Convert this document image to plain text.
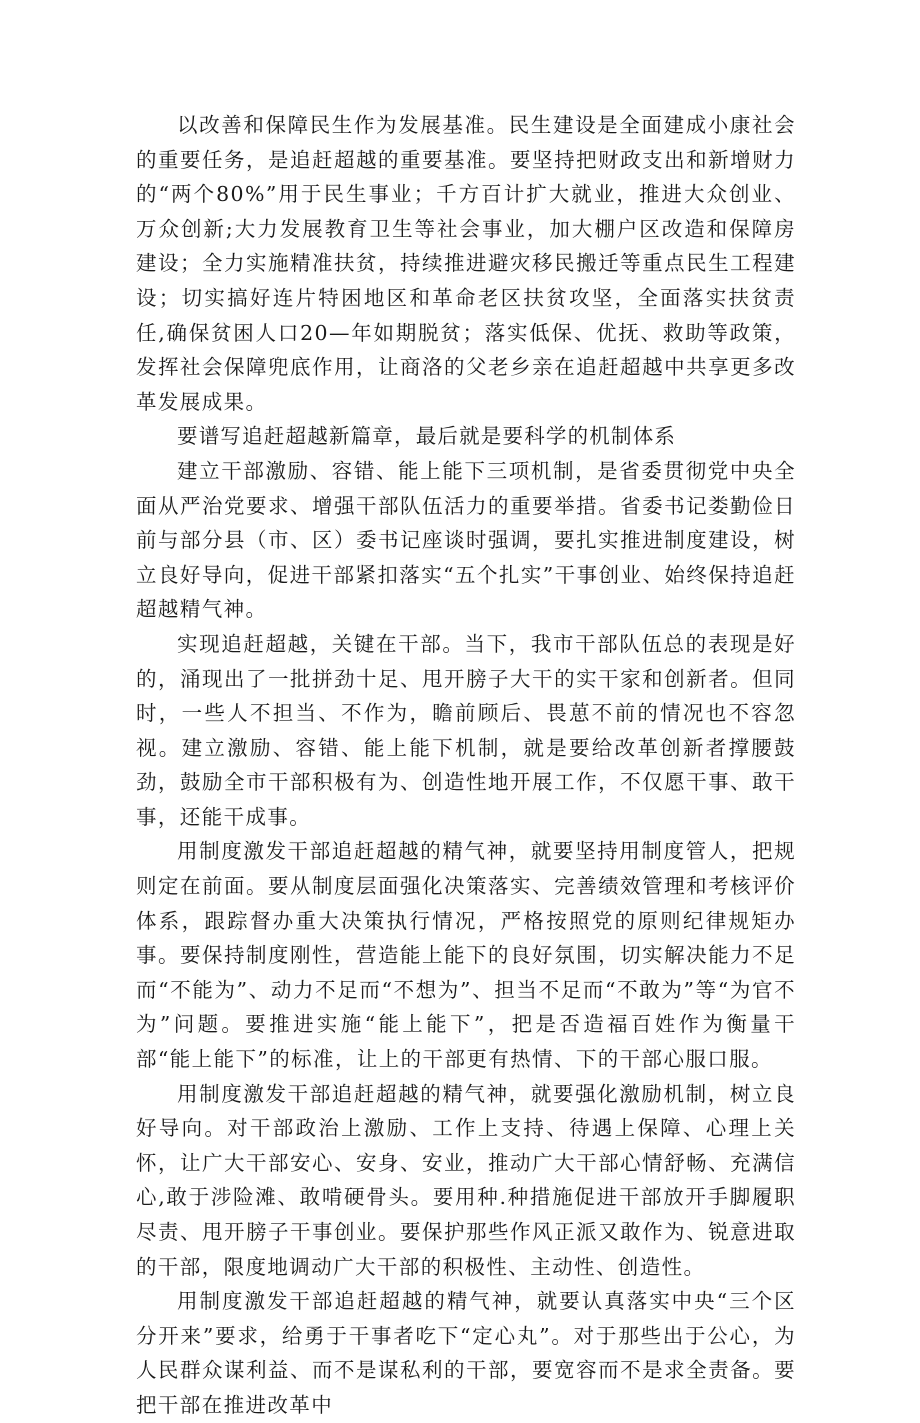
以改善和保障民生作为发展基准。民生建设是全面建成小康社会的重要任务，是追赶超越的重要基准。要坚持把财政支出和新增财力的“两个80%”用于民生事业；千方百计扩大就业，推进大众创业、万众创新;大力发展教育卫生等社会事业，加大棚户区改造和保障房建设；全力实施精准扶贫，持续推进避灾移民搬迁等重点民生工程建设；切实搞好连片特困地区和革命老区扶贫攻坚，全面落实扶贫责任,确保贫困人口20—年如期脱贫；落实低保、优抚、救助等政策，发挥社会保障兜底作用，让商洛的父老乡亲在追赶超越中共享更多改革发展成果。

要谱写追赶超越新篇章，最后就是要科学的机制体系

建立干部激励、容错、能上能下三项机制，是省委贯彻党中央全面从严治党要求、增强干部队伍活力的重要举措。省委书记娄勤俭日前与部分县（市、区）委书记座谈时强调，要扎实推进制度建设，树立良好导向，促进干部紧扣落实“五个扎实”干事创业、始终保持追赶超越精气神。

实现追赶超越，关键在干部。当下，我市干部队伍总的表现是好的，涌现出了一批拼劲十足、甩开膀子大干的实干家和创新者。但同时，一些人不担当、不作为，瞻前顾后、畏葸不前的情况也不容忽视。建立激励、容错、能上能下机制，就是要给改革创新者撑腰鼓劲，鼓励全市干部积极有为、创造性地开展工作，不仅愿干事、敢干事，还能干成事。

用制度激发干部追赶超越的精气神，就要坚持用制度管人，把规则定在前面。要从制度层面强化决策落实、完善绩效管理和考核评价体系，跟踪督办重大决策执行情况，严格按照党的原则纪律规矩办事。要保持制度刚性，营造能上能下的良好氛围，切实解决能力不足而“不能为”、动力不足而“不想为”、担当不足而“不敢为”等“为官不为”问题。要推进实施“能上能下”，把是否造福百姓作为衡量干部“能上能下”的标准，让上的干部更有热情、下的干部心服口服。

用制度激发干部追赶超越的精气神，就要强化激励机制，树立良好导向。对干部政治上激励、工作上支持、待遇上保障、心理上关怀，让广大干部安心、安身、安业，推动广大干部心情舒畅、充满信心,敢于涉险滩、敢啃硬骨头。要用种.种措施促进干部放开手脚履职尽责、甩开膀子干事创业。要保护那些作风正派又敢作为、锐意进取的干部，限度地调动广大干部的积极性、主动性、创造性。

用制度激发干部追赶超越的精气神，就要认真落实中央“三个区分开来”要求，给勇于干事者吃下“定心丸”。对于那些出于公心，为人民群众谋利益、而不是谋私利的干部，要宽容而不是求全责备。要把干部在推进改革中
